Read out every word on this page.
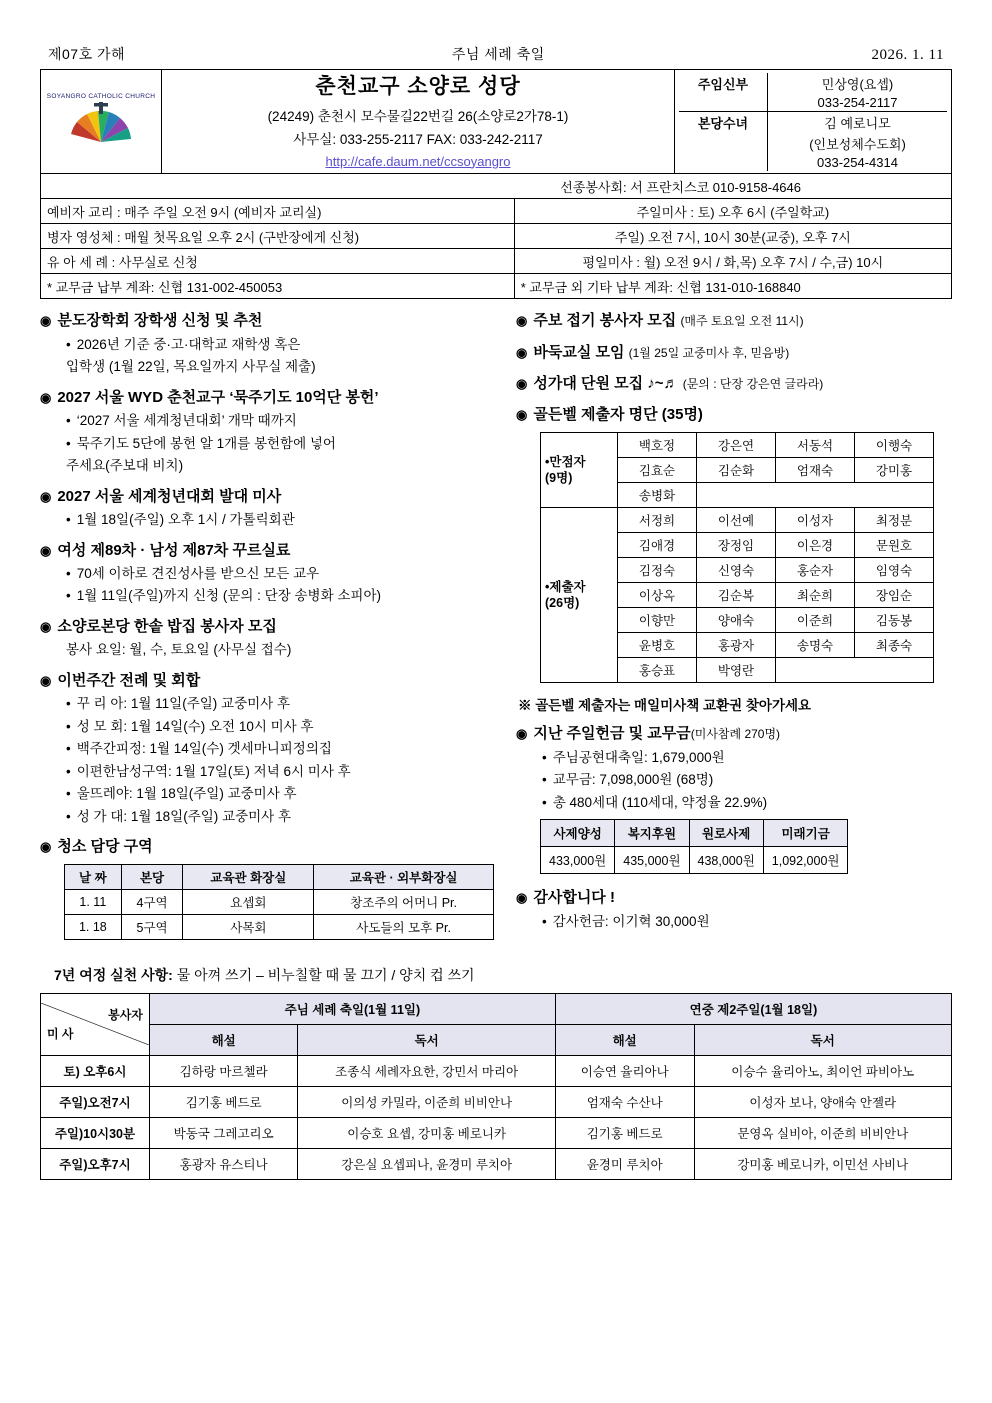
제07호 가해	주님 세례 축일	2026. 1. 11
SOYANGRO CATHOLIC CHURCH	춘천교구 소양로 성당
(24249) 춘천시 모수물길22번길 26(소양로2가78-1)
사무실: 033-255-2117 FAX: 033-242-2117
http://cafe.daum.net/ccsoyangro

주임신부	민상영(요셉)
	033-254-2117
본당수녀	김 예로니모
	(인보성체수도회)
	033-254-4314
선종봉사회: 서 프란치스코 010-9158-4646	
예비자 교리 : 매주 주일 오전 9시 (예비자 교리실)	주일미사 : 토) 오후 6시 (주일학교)
병자 영성체 : 매월 첫목요일 오후 2시 (구반장에게 신청)	주일) 오전 7시, 10시 30분(교중), 오후 7시
유 아 세 례 : 사무실로 신청	평일미사 : 월) 오전 9시 / 화,목) 오후 7시 / 수,금) 10시
* 교무금 납부 계좌: 신협 131-002-450053	* 교무금 외 기타 납부 계좌: 신협 131-010-168840
◉ 분도장학회 장학생 신청 및 추천
• 2026년 기준 중·고·대학교 재학생 혹은
입학생 (1월 22일, 목요일까지 사무실 제출)
◉ 2027 서울 WYD 춘천교구 ‘묵주기도 10억단 봉헌’
• ‘2027 서울 세계청년대회’ 개막 때까지
• 묵주기도 5단에 봉헌 알 1개를 봉헌함에 넣어
주세요(주보대 비치)
◉ 2027 서울 세계청년대회 발대 미사
• 1월 18일(주일) 오후 1시 / 가톨릭회관
◉ 여성 제89차 · 남성 제87차 꾸르실료
• 70세 이하로 견진성사를 받으신 모든 교우
• 1월 11일(주일)까지 신청 (문의 : 단장 송병화 소피아)
◉ 소양로본당 한솥 밥집 봉사자 모집
봉사 요일: 월, 수, 토요일 (사무실 접수)
◉ 이번주간 전례 및 회합
• 꾸 리 아: 1월 11일(주일) 교중미사 후
• 성 모 회: 1월 14일(수) 오전 10시 미사 후
• 백주간피정: 1월 14일(수) 겟세마니피정의집
• 이편한남성구역: 1월 17일(토) 저녁 6시 미사 후
• 울뜨레야: 1월 18일(주일) 교중미사 후
• 성 가 대: 1월 18일(주일) 교중미사 후
◉ 청소 담당 구역
날 짜	본당	교육관 화장실	교육관 · 외부화장실
1. 11	4구역	요셉회	창조주의 어머니 Pr.
1. 18	5구역	사목회	사도들의 모후 Pr.
◉ 주보 접기 봉사자 모집 (매주 토요일 오전 11시)
◉ 바둑교실 모임 (1월 25일 교중미사 후, 믿음방)
◉ 성가대 단원 모집 ♪~♬ (문의 : 단장 강은연 글라라)
◉ 골든벨 제출자 명단 (35명)
•만점자
(9명)	백호정	강은연	서동석	이행숙
	김효순	김순화	엄재숙	강미홍
	송병화			
•제출자
(26명)	서정희	이선예	이성자	최정분
	김애경	장정임	이은경	문원호
	김정숙	신영숙	홍순자	임영숙
	이상옥	김순복	최순희	장임순
	이향만	양애숙	이준희	김동봉
	윤병호	홍광자	송명숙	최종숙
	홍승표	박영란		
※ 골든벨 제출자는 매일미사책 교환권 찾아가세요
◉ 지난 주일헌금 및 교무금(미사참례 270명)
• 주님공현대축일: 1,679,000원
• 교무금: 7,098,000원 (68명)
• 총 480세대 (110세대, 약정율 22.9%)
사제양성	복지후원	원로사제	미래기금
433,000원	435,000원	438,000원	1,092,000원
◉ 감사합니다 !
• 감사헌금: 이기혁 30,000원
7년 여정 실천 사항: 물 아껴 쓰기 – 비누칠할 때 물 끄기 / 양치 컵 쓰기
봉사자
미 사	주님 세례 축일(1월 11일)		연중 제2주일(1월 18일)	
	해설	독서	해설	독서
토) 오후6시	김하랑 마르첼라	조종식 세례자요한, 강민서 마리아	이승연 율리아나	이승수 율리아노, 최이언 파비아노
주일)오전7시	김기홍 베드로	이의성 카밀라, 이준희 비비안나	엄재숙 수산나	이성자 보나, 양애숙 안젤라
주일)10시30분	박동국 그레고리오	이승호 요셉, 강미홍 베로니카	김기홍 베드로	문영옥 실비아, 이준희 비비안나
주일)오후7시	홍광자 유스티나	강은실 요셉피나, 윤경미 루치아	윤경미 루치아	강미홍 베로니카, 이민선 사비나
